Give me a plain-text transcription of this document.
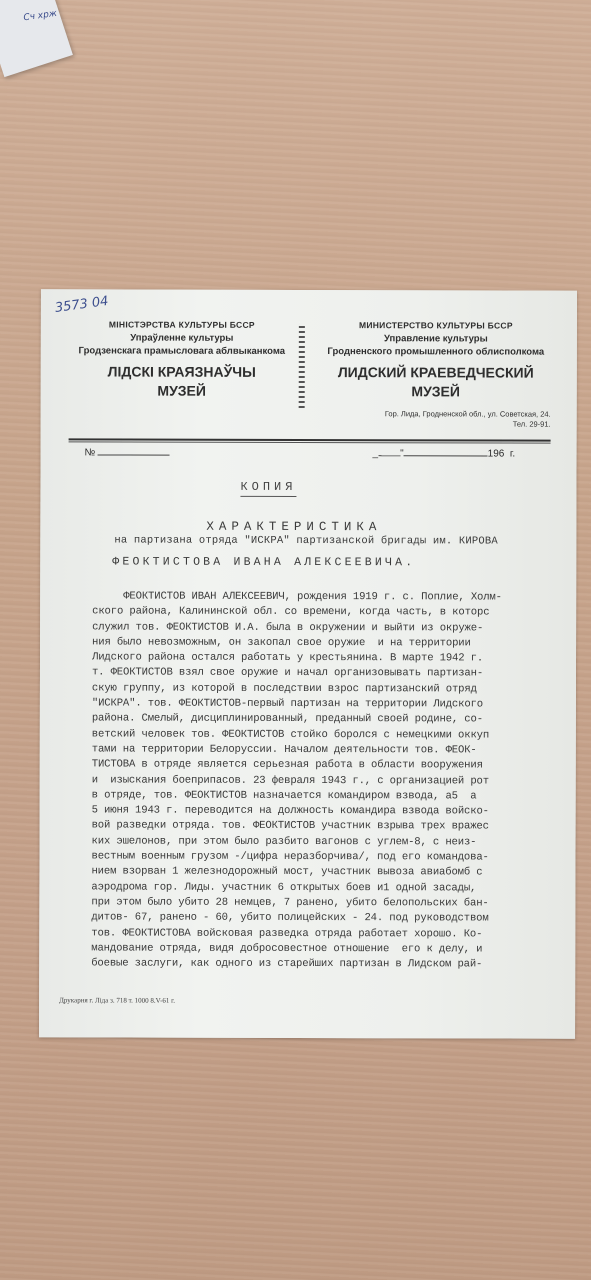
Сч хрж
3573 04
МІНІСТЭРСТВА КУЛЬТУРЫ БССР
Упраўленне культуры
Гродзенскага прамысловага аблвыканкома
ЛІДСКІ КРАЯЗНАЎЧЫ
МУЗЕЙ
МИНИСТЕРСТВО КУЛЬТУРЫ БССР
Управление культуры
Гродненского промышленного облисполкома
ЛИДСКИЙ КРАЕВЕДЧЕСКИЙ
МУЗЕЙ
Гор. Лида, Гродненской обл., ул. Советская, 24.
Тел. 29-91.
№	_ "	196 г.
КОПИЯ
ХАРАКТЕРИСТИКА
на партизана отряда "ИСКРА" партизанской бригады им. КИРОВА
ФЕОКТИСТОВА ИВАНА АЛЕКСЕЕВИЧА.
ФЕОКТИСТОВ ИВАН АЛЕКСЕЕВИЧ, рождения 1919 г. с. Поплие, Холм-
ского района, Калининской обл. со времени, когда часть, в которс
служил тов. ФЕОКТИСТОВ И.А. была в окружении и выйти из окруже-
ния было невозможным, он закопал свое оружие  и на территории
Лидского района остался работать у крестьянина. В марте 1942 г.
т. ФЕОКТИСТОВ взял свое оружие и начал организовывать партизан-
скую группу, из которой в последствии взрос партизанский отряд
"ИСКРА". тов. ФЕОКТИСТОВ-первый партизан на территории Лидского
района. Смелый, дисциплинированный, преданный своей родине, со-
ветский человек тов. ФЕОКТИСТОВ стойко боролся с немецкими оккуп
тами на территории Белоруссии. Началом деятельности тов. ФЕОК-
ТИСТОВА в отряде является серьезная работа в области вооружения
и  изыскания боеприпасов. 23 февраля 1943 г., с организацией рот
в отряде, тов. ФЕОКТИСТОВ назначается командиром взвода, а5  а
5 июня 1943 г. переводится на должность командира взвода войско-
вой разведки отряда. тов. ФЕОКТИСТОВ участник взрыва трех вражес
ких эшелонов, при этом было разбито вагонов с углем-8, с неиз-
вестным военным грузом -/цифра неразборчива/, под его командова-
нием взорван 1 железнодорожный мост, участник вывоза авиабомб с
аэродрома гор. Лиды. участник 6 открытых боев и1 одной засады,
при этом было убито 28 немцев, 7 ранено, убито белопольских бан-
дитов- 67, ранено - 60, убито полицейских - 24. под руководством
тов. ФЕОКТИСТОВА войсковая разведка отряда работает хорошо. Ко-
мандование отряда, видя добросовестное отношение  его к делу, и
боевые заслуги, как одного из старейших партизан в Лидском рай-
Друкарня г. Ліда з. 718 т. 1000 8.V-61 г.
